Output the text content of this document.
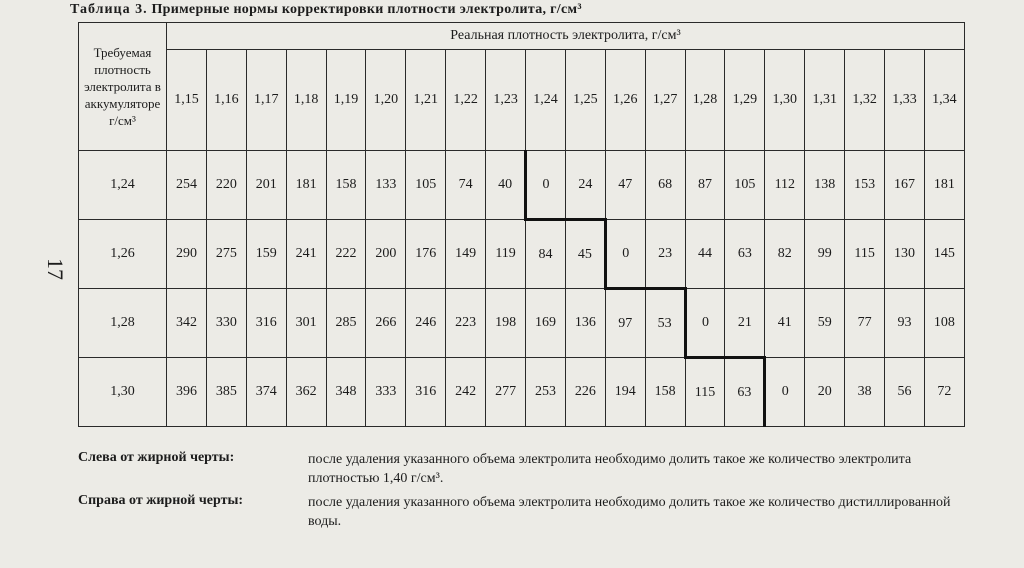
Таблица 3. Примерные нормы корректировки плотности электролита, г/см³
17
Требуемая плотность электролита в аккумуляторе г/см³	Реальная плотность электролита, г/см³																			
	1,15	1,16	1,17	1,18	1,19	1,20	1,21	1,22	1,23	1,24	1,25	1,26	1,27	1,28	1,29	1,30	1,31	1,32	1,33	1,34
1,24	254	220	201	181	158	133	105	74	40	0	24	47	68	87	105	112	138	153	167	181
1,26	290	275	159	241	222	200	176	149	119	84	45	0	23	44	63	82	99	115	130	145
1,28	342	330	316	301	285	266	246	223	198	169	136	97	53	0	21	41	59	77	93	108
1,30	396	385	374	362	348	333	316	242	277	253	226	194	158	115	63	0	20	38	56	72
Слева от жирной черты:	после удаления указанного объема электролита необходимо долить такое же количество электролита плотностью 1,40 г/см³.
Справа от жирной черты:	после удаления указанного объема электролита необходимо долить такое же количество дистиллированной воды.
